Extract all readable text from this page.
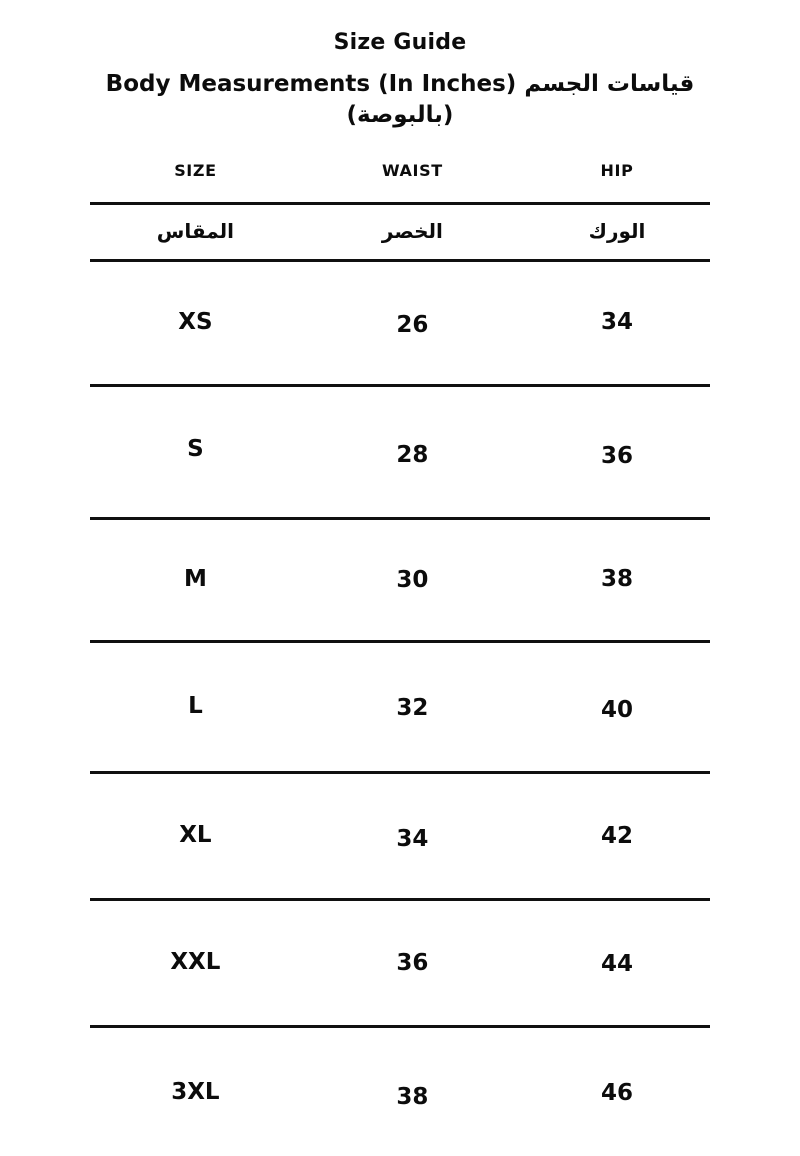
Size Guide
Body Measurements (In Inches) قياسات الجسم (بالبوصة)
SIZE	WAIST	HIP
المقاس	الخصر	الورك
XS	26	34
S	28	36
M	30	38
L	32	40
XL	34	42
XXL	36	44
3XL	38	46
